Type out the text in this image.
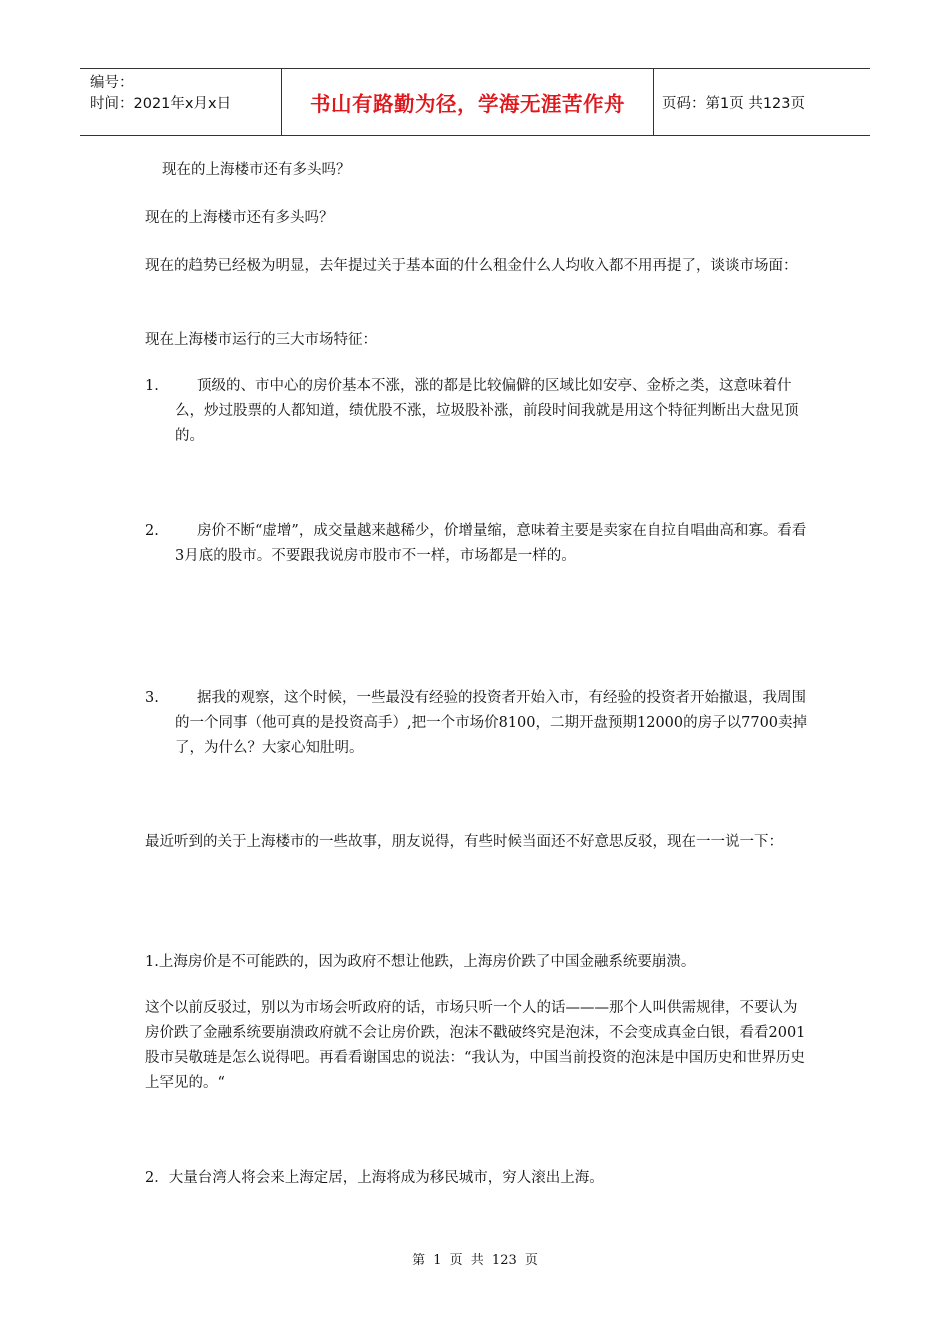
编号：
时间：2021年x月x日	书山有路勤为径，学海无涯苦作舟	页码：第1页 共123页
现在的上海楼市还有多头吗？
现在的上海楼市还有多头吗？
现在的趋势已经极为明显，去年提过关于基本面的什么租金什么人均收入都不用再提了，谈谈市场面：
现在上海楼市运行的三大市场特征：
1.	顶级的、市中心的房价基本不涨，涨的都是比较偏僻的区域比如安亭、金桥之类，这意味着什么，炒过股票的人都知道，绩优股不涨，垃圾股补涨，前段时间我就是用这个特征判断出大盘见顶的。
2.	房价不断“虚增”，成交量越来越稀少，价增量缩，意味着主要是卖家在自拉自唱曲高和寡。看看3月底的股市。不要跟我说房市股市不一样，市场都是一样的。
3.	据我的观察，这个时候，一些最没有经验的投资者开始入市，有经验的投资者开始撤退，我周围的一个同事（他可真的是投资高手）,把一个市场价8100，二期开盘预期12000的房子以7700卖掉了，为什么？大家心知肚明。
最近听到的关于上海楼市的一些故事，朋友说得，有些时候当面还不好意思反驳，现在一一说一下：
1.上海房价是不可能跌的，因为政府不想让他跌，上海房价跌了中国金融系统要崩溃。
这个以前反驳过，别以为市场会听政府的话，市场只听一个人的话———那个人叫供需规律，不要认为房价跌了金融系统要崩溃政府就不会让房价跌，泡沫不戳破终究是泡沫，不会变成真金白银，看看2001股市吴敬琏是怎么说得吧。再看看谢国忠的说法：“我认为，中国当前投资的泡沫是中国历史和世界历史上罕见的。“
2．大量台湾人将会来上海定居，上海将成为移民城市，穷人滚出上海。
第 1 页 共 123 页
